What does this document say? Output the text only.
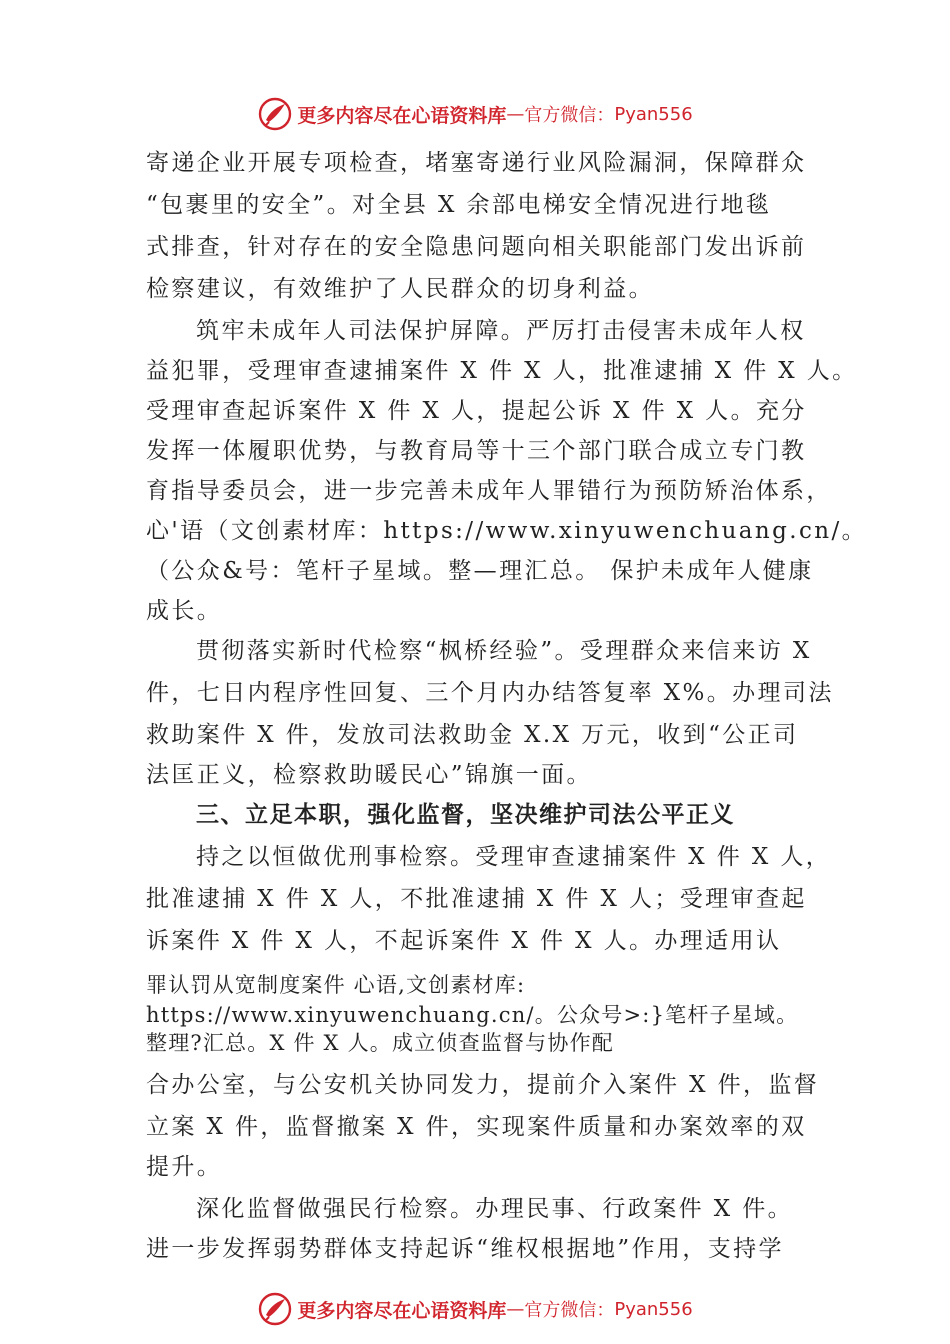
更多内容尽在心语资料库 — 官方微信： Pyan556
寄递企业开展专项检查，堵塞寄递行业风险漏洞，保障群众
“包裹里的安全”。对全县 X 余部电梯安全情况进行地毯
式排查，针对存在的安全隐患问题向相关职能部门发出诉前
检察建议，有效维护了人民群众的切身利益。
筑牢未成年人司法保护屏障。严厉打击侵害未成年人权
益犯罪，受理审查逮捕案件 X 件 X 人，批准逮捕 X 件 X 人。
受理审查起诉案件 X 件 X 人，提起公诉 X 件 X 人。充分
发挥一体履职优势，与教育局等十三个部门联合成立专门教
育指导委员会，进一步完善未成年人罪错行为预防矫治体系，
心'语（文创素材库：https://www.xinyuwenchuang.cn/。
（公众&号：笔杆子星域。整—理汇总。 保护未成年人健康
成长。
贯彻落实新时代检察“枫桥经验”。受理群众来信来访 X
件，七日内程序性回复、三个月内办结答复率 X%。办理司法
救助案件 X 件，发放司法救助金 X.X 万元，收到“公正司
法匡正义，检察救助暖民心”锦旗一面。
三、立足本职，强化监督，坚决维护司法公平正义
持之以恒做优刑事检察。受理审查逮捕案件 X 件 X 人，
批准逮捕 X 件 X 人，不批准逮捕 X 件 X 人；受理审查起
诉案件 X 件 X 人，不起诉案件 X 件 X 人。办理适用认
罪认罚从宽制度案件 心语,文创素材库:
https://www.xinyuwenchuang.cn/。公众号>:}笔杆子星域。
整理?汇总。X 件 X 人。成立侦查监督与协作配
合办公室，与公安机关协同发力，提前介入案件 X 件，监督
立案 X 件，监督撤案 X 件，实现案件质量和办案效率的双
提升。
深化监督做强民行检察。办理民事、行政案件 X 件。
进一步发挥弱势群体支持起诉“维权根据地”作用，支持学
更多内容尽在心语资料库 — 官方微信： Pyan556
